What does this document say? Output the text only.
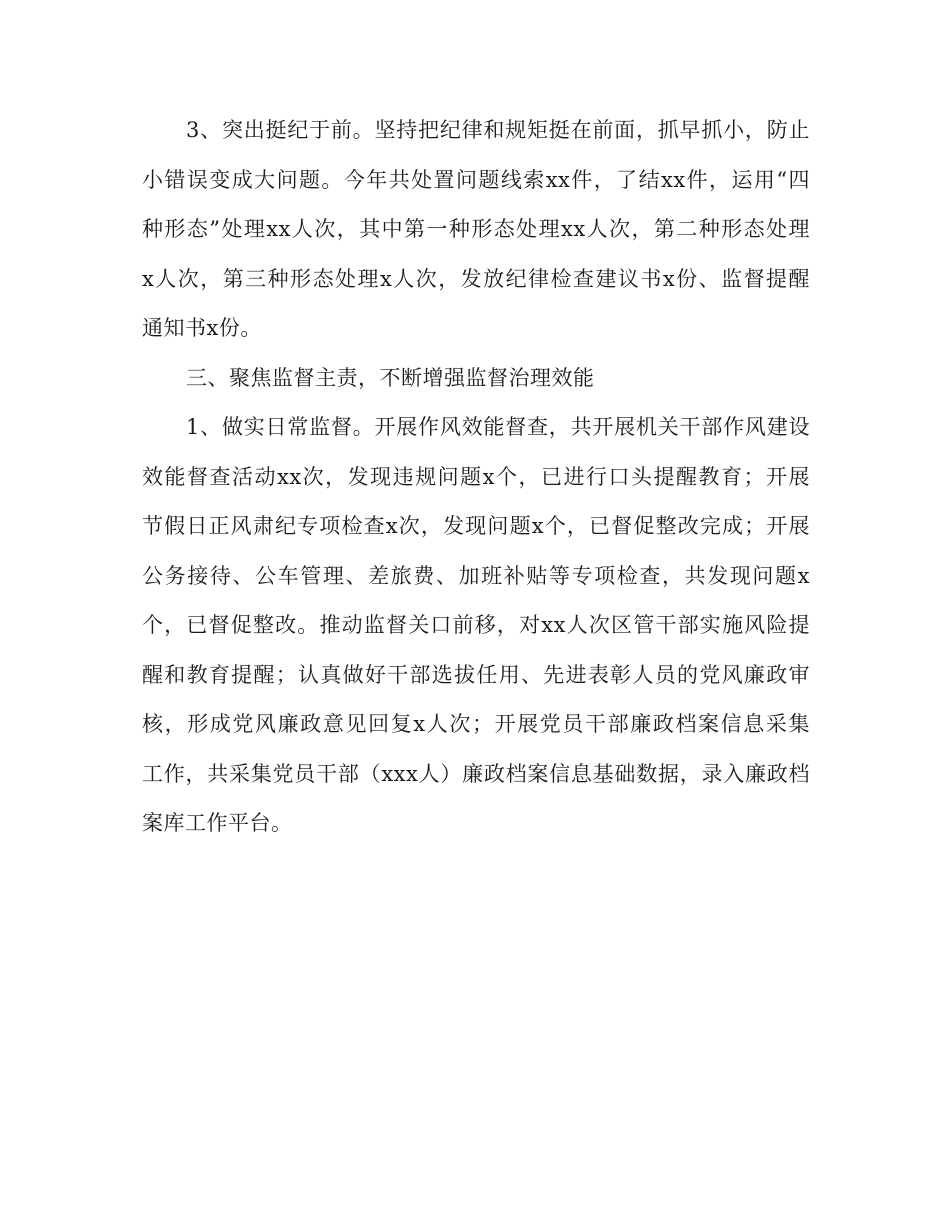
3、突出挺纪于前。坚持把纪律和规矩挺在前面，抓早抓小，防止
小错误变成大问题。今年共处置问题线索xx件，了结xx件，运用“四
种形态”处理xx人次，其中第一种形态处理xx人次，第二种形态处理
x人次，第三种形态处理x人次，发放纪律检查建议书x份、监督提醒
通知书x份。
三、聚焦监督主责，不断增强监督治理效能
1、做实日常监督。开展作风效能督查，共开展机关干部作风建设
效能督查活动xx次，发现违规问题x个，已进行口头提醒教育；开展
节假日正风肃纪专项检查x次，发现问题x个，已督促整改完成；开展
公务接待、公车管理、差旅费、加班补贴等专项检查，共发现问题x
个，已督促整改。推动监督关口前移，对xx人次区管干部实施风险提
醒和教育提醒；认真做好干部选拔任用、先进表彰人员的党风廉政审
核，形成党风廉政意见回复x人次；开展党员干部廉政档案信息采集
工作，共采集党员干部（xxx人）廉政档案信息基础数据，录入廉政档
案库工作平台。
